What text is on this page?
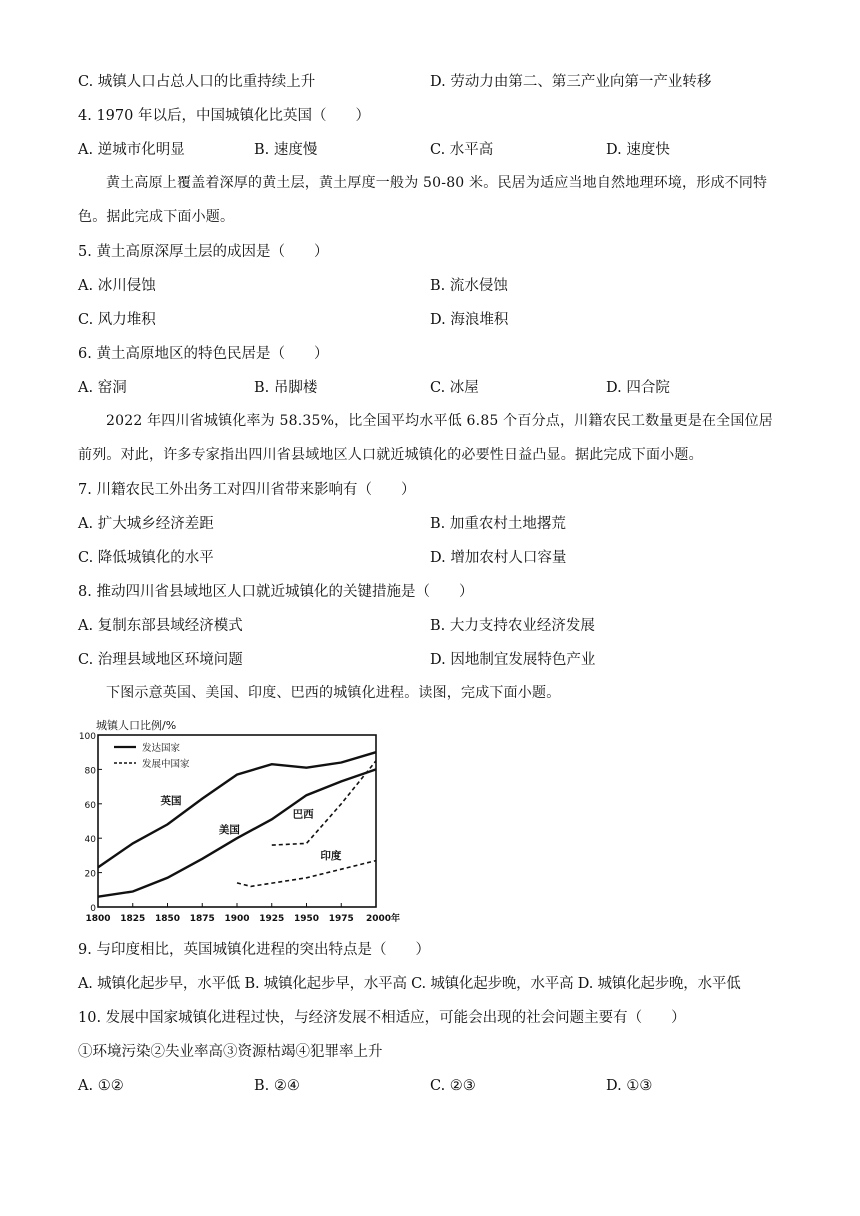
C. 城镇人口占总人口的比重持续上升	D. 劳动力由第二、第三产业向第一产业转移
4. 1970 年以后，中国城镇化比英国（　　）
A. 逆城市化明显	B. 速度慢	C. 水平高	D. 速度快
黄土高原上覆盖着深厚的黄土层，黄土厚度一般为 50-80 米。民居为适应当地自然地理环境，形成不同特色。据此完成下面小题。
5. 黄土高原深厚土层的成因是（　　）
A. 冰川侵蚀	B. 流水侵蚀
C. 风力堆积	D. 海浪堆积
6. 黄土高原地区的特色民居是（　　）
A. 窑洞	B. 吊脚楼	C. 冰屋	D. 四合院
2022 年四川省城镇化率为 58.35%，比全国平均水平低 6.85 个百分点，川籍农民工数量更是在全国位居前列。对此，许多专家指出四川省县域地区人口就近城镇化的必要性日益凸显。据此完成下面小题。
7. 川籍农民工外出务工对四川省带来影响有（　　）
A. 扩大城乡经济差距	B. 加重农村土地撂荒
C. 降低城镇化的水平	D. 增加农村人口容量
8. 推动四川省县域地区人口就近城镇化的关键措施是（　　）
A. 复制东部县域经济模式	B. 大力支持农业经济发展
C. 治理县域地区环境问题	D. 因地制宜发展特色产业
下图示意英国、美国、印度、巴西的城镇化进程。读图，完成下面小题。
城镇人口比例/%
0
20
40
60
80
100
1800 1825 1850 1875 1900 1925 1950 1975 2000年
英国
美国
巴西
印度
发达国家
发展中国家
9. 与印度相比，英国城镇化进程的突出特点是（　　）
A. 城镇化起步早，水平低 B. 城镇化起步早，水平高 C. 城镇化起步晚，水平高 D. 城镇化起步晚，水平低
10. 发展中国家城镇化进程过快，与经济发展不相适应，可能会出现的社会问题主要有（　　）
①环境污染②失业率高③资源枯竭④犯罪率上升
A. ①②	B. ②④	C. ②③	D. ①③
